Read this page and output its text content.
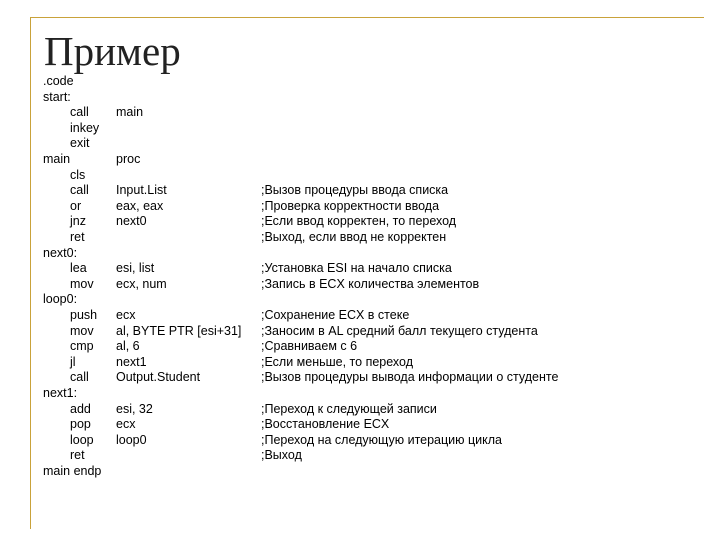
Пример
.code
start:
call main
inkey
exit
main	proc
cls
call Input.List	;Вызов процедуры ввода списка
or	eax, eax	;Проверка корректности ввода
jnz next0	;Если ввод корректен, то переход
ret	;Выход, если ввод не корректен
next0:
lea esi, list	;Установка ESI на начало списка
mov ecx, num	;Запись в ECX количества элементов
loop0:
push ecx	;Сохранение ECX в стеке
mov al, BYTE PTR [esi+31] ;Заносим в AL средний балл текущего студента
cmp al, 6	;Сравниваем с 6
jl	next1	;Если меньше, то переход
call Output.Student	;Вызов процедуры вывода информации о студенте
next1:
add esi, 32	;Переход к следующей записи
pop ecx	;Восстановление ECX
loop loop0	;Переход на следующую итерацию цикла
ret	;Выход
main endp
